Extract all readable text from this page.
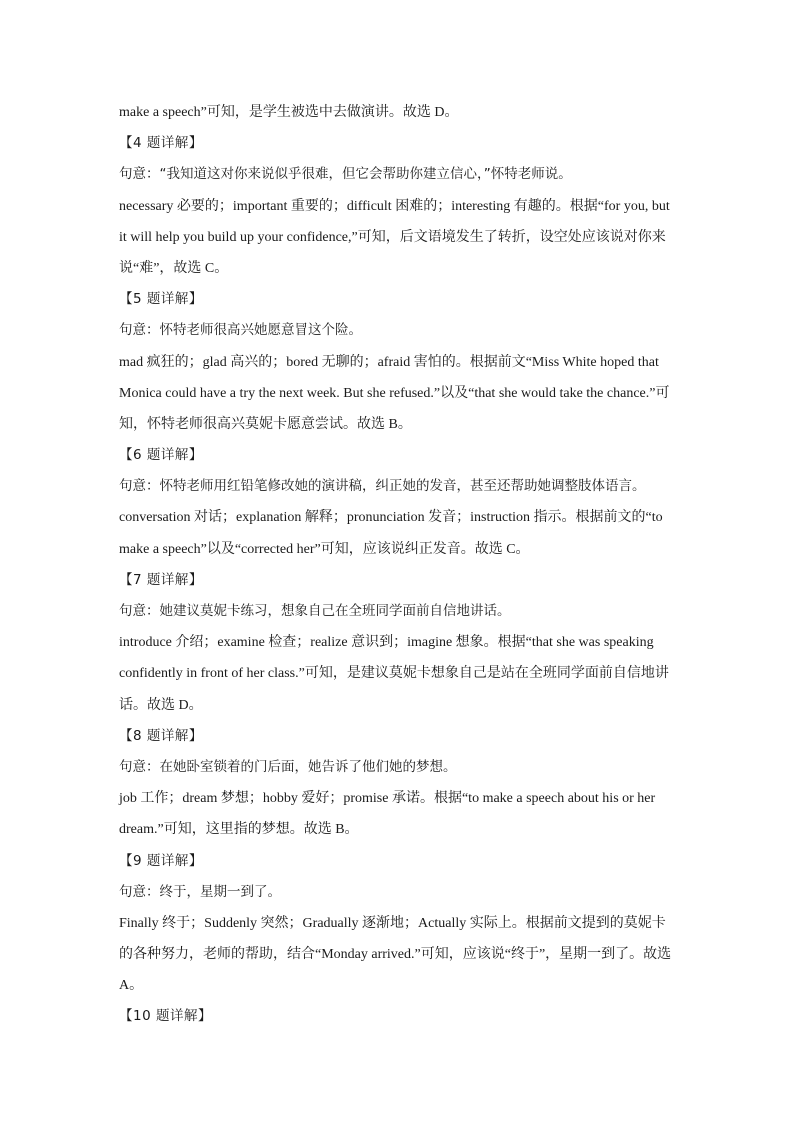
make a speech”可知，是学生被选中去做演讲。故选 D。
【4 题详解】
句意：“我知道这对你来说似乎很难，但它会帮助你建立信心，”怀特老师说。
necessary 必要的；important 重要的；difficult 困难的；interesting 有趣的。根据“for you, but
it will help you build up your confidence,”可知，后文语境发生了转折，设空处应该说对你来
说“难”，故选 C。
【5 题详解】
句意：怀特老师很高兴她愿意冒这个险。
mad 疯狂的；glad 高兴的；bored 无聊的；afraid 害怕的。根据前文“Miss White hoped that
Monica could have a try the next week. But she refused.”以及“that she would take the chance.”可
知，怀特老师很高兴莫妮卡愿意尝试。故选 B。
【6 题详解】
句意：怀特老师用红铅笔修改她的演讲稿，纠正她的发音，甚至还帮助她调整肢体语言。
conversation 对话；explanation 解释；pronunciation 发音；instruction 指示。根据前文的“to
make a speech”以及“corrected her”可知，应该说纠正发音。故选 C。
【7 题详解】
句意：她建议莫妮卡练习，想象自己在全班同学面前自信地讲话。
introduce 介绍；examine 检查；realize 意识到；imagine 想象。根据“that she was speaking
confidently in front of her class.”可知，是建议莫妮卡想象自己是站在全班同学面前自信地讲
话。故选 D。
【8 题详解】
句意：在她卧室锁着的门后面，她告诉了他们她的梦想。
job 工作；dream 梦想；hobby 爱好；promise 承诺。根据“to make a speech about his or her
dream.”可知，这里指的梦想。故选 B。
【9 题详解】
句意：终于，星期一到了。
Finally 终于；Suddenly 突然；Gradually 逐渐地；Actually 实际上。根据前文提到的莫妮卡
的各种努力，老师的帮助，结合“Monday arrived.”可知，应该说“终于”，星期一到了。故选
A。
【10 题详解】
